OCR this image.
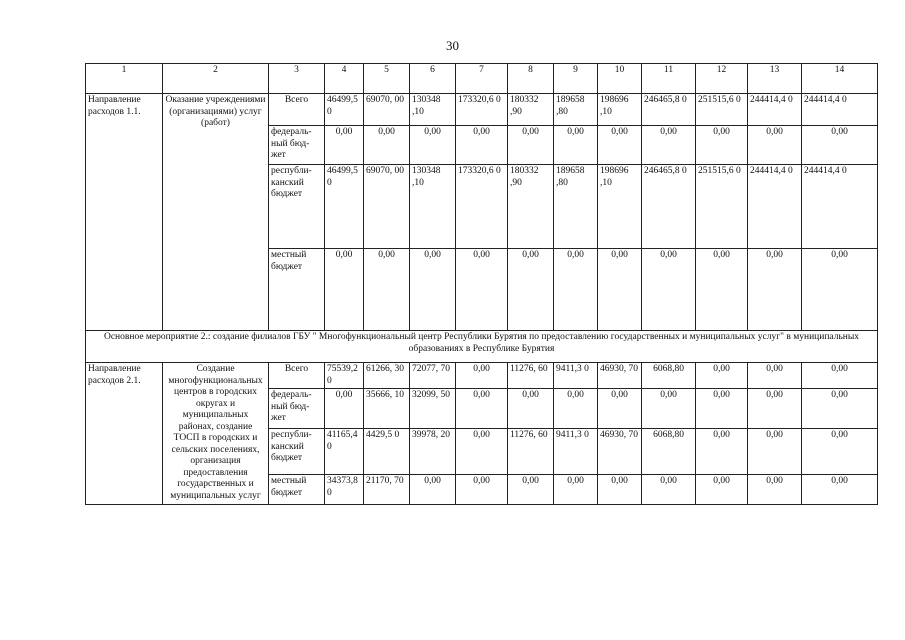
30
1	2	3	4	5	6	7	8	9	10	11	12	13	14
Направление расходов 1.1.	Оказание учреждениями (организациями) услуг (работ)	Всего	46499,5 0	69070, 00	130348 ,10	173320,6 0	180332 ,90	189658 ,80	198696 ,10	246465,8 0	251515,6 0	244414,4 0	244414,4 0
		федераль-ный бюд-жет	0,00	0,00	0,00	0,00	0,00	0,00	0,00	0,00	0,00	0,00	0,00
		республи-канский бюджет	46499,5 0	69070, 00	130348 ,10	173320,6 0	180332 ,90	189658 ,80	198696 ,10	246465,8 0	251515,6 0	244414,4 0	244414,4 0
		местный бюджет	0,00	0,00	0,00	0,00	0,00	0,00	0,00	0,00	0,00	0,00	0,00
Основное мероприятие 2.: создание филиалов ГБУ " Многофункциональный центр Республики Бурятия по предоставлению государственных и муниципальных услуг" в муниципальных образованиях в Республике Бурятия													
Направление расходов 2.1.	Создание многофункциональных центров в городских округах и муниципальных районах, создание ТОСП в городских и сельских поселениях, организация предоставления государственных и муниципальных услуг	Всего	75539,2 0	61266, 30	72077, 70	0,00	11276, 60	9411,3 0	46930, 70	6068,80	0,00	0,00	0,00
		федераль-ный бюд-жет	0,00	35666, 10	32099, 50	0,00	0,00	0,00	0,00	0,00	0,00	0,00	0,00
		республи-канский бюджет	41165,4 0	4429,5 0	39978, 20	0,00	11276, 60	9411,3 0	46930, 70	6068,80	0,00	0,00	0,00
		местный бюджет	34373,8 0	21170, 70	0,00	0,00	0,00	0,00	0,00	0,00	0,00	0,00	0,00
